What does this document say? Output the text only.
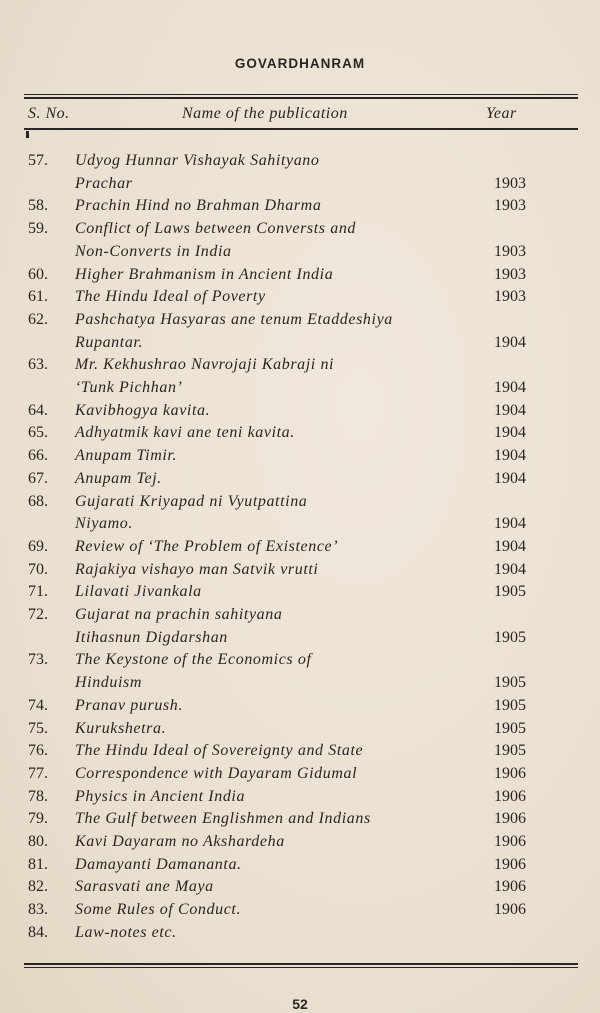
GOVARDHANRAM
S. No.	Name of the publication	Year
57.	Udyog Hunnar Vishayak Sahityano
Prachar	1903
58.	Prachin Hind no Brahman Dharma	1903
59.	Conflict of Laws between Conversts and
Non-Converts in India	1903
60.	Higher Brahmanism in Ancient India	1903
61.	The Hindu Ideal of Poverty	1903
62.	Pashchatya Hasyaras ane tenum Etaddeshiya
Rupantar.	1904
63.	Mr. Kekhushrao Navrojaji Kabraji ni
‘Tunk Pichhan’	1904
64.	Kavibhogya kavita.	1904
65.	Adhyatmik kavi ane teni kavita.	1904
66.	Anupam Timir.	1904
67.	Anupam Tej.	1904
68.	Gujarati Kriyapad ni Vyutpattina
Niyamo.	1904
69.	Review of ‘The Problem of Existence’	1904
70.	Rajakiya vishayo man Satvik vrutti	1904
71.	Lilavati Jivankala	1905
72.	Gujarat na prachin sahityana
Itihasnun Digdarshan	1905
73.	The Keystone of the Economics of
Hinduism	1905
74.	Pranav purush.	1905
75.	Kurukshetra.	1905
76.	The Hindu Ideal of Sovereignty and State	1905
77.	Correspondence with Dayaram Gidumal	1906
78.	Physics in Ancient India	1906
79.	The Gulf between Englishmen and Indians	1906
80.	Kavi Dayaram no Akshardeha	1906
81.	Damayanti Damananta.	1906
82.	Sarasvati ane Maya	1906
83.	Some Rules of Conduct.	1906
84.	Law-notes etc.
52
